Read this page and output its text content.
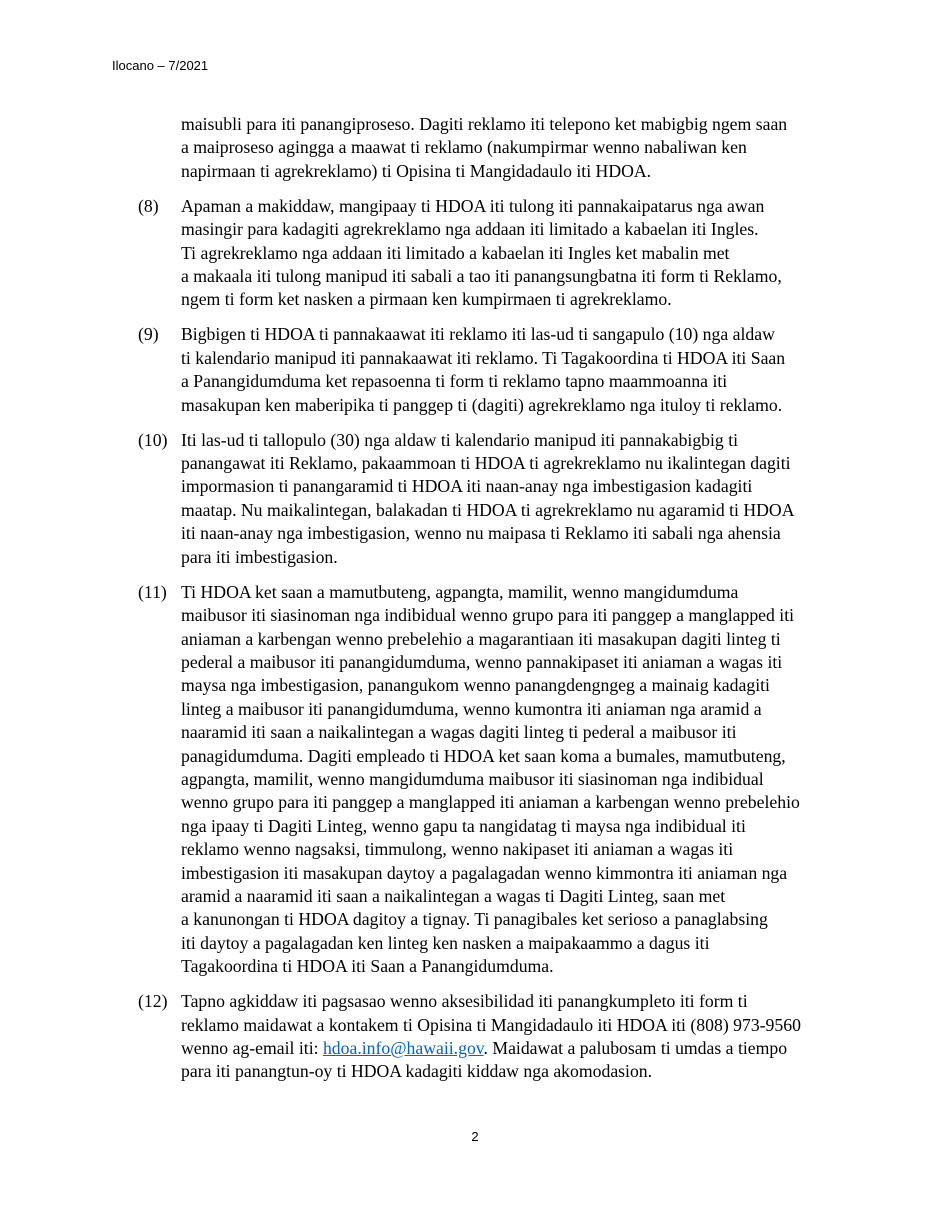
Ilocano – 7/2021

maisubli para iti panangiproseso. Dagiti reklamo iti telepono ket mabigbig ngem saan
a maiproseso agingga a maawat ti reklamo (nakumpirmar wenno nabaliwan ken
napirmaan ti agrekreklamo) ti Opisina ti Mangidadaulo iti HDOA.

(8)	Apaman a makiddaw, mangipaay ti HDOA iti tulong iti pannakaipatarus nga awan
masingir para kadagiti agrekreklamo nga addaan iti limitado a kabaelan iti Ingles.
Ti agrekreklamo nga addaan iti limitado a kabaelan iti Ingles ket mabalin met
a makaala iti tulong manipud iti sabali a tao iti panangsungbatna iti form ti Reklamo,
ngem ti form ket nasken a pirmaan ken kumpirmaen ti agrekreklamo.

(9)	Bigbigen ti HDOA ti pannakaawat iti reklamo iti las-ud ti sangapulo (10) nga aldaw
ti kalendario manipud iti pannakaawat iti reklamo. Ti Tagakoordina ti HDOA iti Saan
a Panangidumduma ket repasoenna ti form ti reklamo tapno maammoanna iti
masakupan ken maberipika ti panggep ti (dagiti) agrekreklamo nga ituloy ti reklamo.

(10) Iti las-ud ti tallopulo (30) nga aldaw ti kalendario manipud iti pannakabigbig ti
panangawat iti Reklamo, pakaammoan ti HDOA ti agrekreklamo nu ikalintegan dagiti
impormasion ti panangaramid ti HDOA iti naan-anay nga imbestigasion kadagiti
maatap. Nu maikalintegan, balakadan ti HDOA ti agrekreklamo nu agaramid ti HDOA
iti naan-anay nga imbestigasion, wenno nu maipasa ti Reklamo iti sabali nga ahensia
para iti imbestigasion.

(11) Ti HDOA ket saan a mamutbuteng, agpangta, mamilit, wenno mangidumduma
maibusor iti siasinoman nga indibidual wenno grupo para iti panggep a manglapped iti
aniaman a karbengan wenno prebelehio a magarantiaan iti masakupan dagiti linteg ti
pederal a maibusor iti panangidumduma, wenno pannakipaset iti aniaman a wagas iti
maysa nga imbestigasion, panangukom wenno panangdengngeg a mainaig kadagiti
linteg a maibusor iti panangidumduma, wenno kumontra iti aniaman nga aramid a
naaramid iti saan a naikalintegan a wagas dagiti linteg ti pederal a maibusor iti
panagidumduma. Dagiti empleado ti HDOA ket saan koma a bumales, mamutbuteng,
agpangta, mamilit, wenno mangidumduma maibusor iti siasinoman nga indibidual
wenno grupo para iti panggep a manglapped iti aniaman a karbengan wenno prebelehio
nga ipaay ti Dagiti Linteg, wenno gapu ta nangidatag ti maysa nga indibidual iti
reklamo wenno nagsaksi, timmulong, wenno nakipaset iti aniaman a wagas iti
imbestigasion iti masakupan daytoy a pagalagadan wenno kimmontra iti aniaman nga
aramid a naaramid iti saan a naikalintegan a wagas ti Dagiti Linteg, saan met
a kanunongan ti HDOA dagitoy a tignay. Ti panagibales ket serioso a panaglabsing
iti daytoy a pagalagadan ken linteg ken nasken a maipakaammo a dagus iti
Tagakoordina ti HDOA iti Saan a Panangidumduma.

(12) Tapno agkiddaw iti pagsasao wenno aksesibilidad iti panangkumpleto iti form ti
reklamo maidawat a kontakem ti Opisina ti Mangidadaulo iti HDOA iti (808) 973-9560
wenno ag-email iti: hdoa.info@hawaii.gov. Maidawat a palubosam ti umdas a tiempo
para iti panangtun-oy ti HDOA kadagiti kiddaw nga akomodasion.

2
